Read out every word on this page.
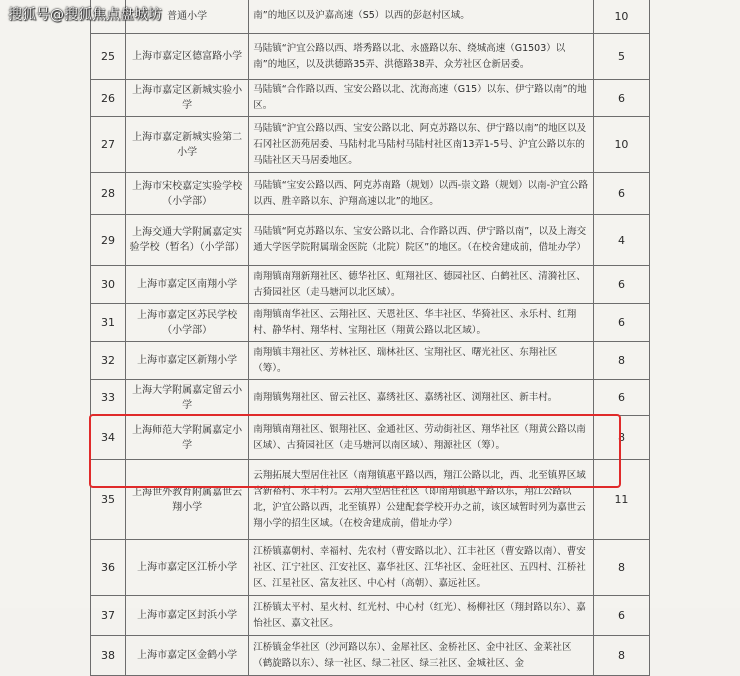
搜狐号@搜狐焦点盘城坊
	普通小学	南”的地区以及沪嘉高速（S5）以西的彭赵村区域。	10
25	上海市嘉定区德富路小学	马陆镇“沪宜公路以西、塔秀路以北、永盛路以东、绕城高速（G1503）以南”的地区，以及洪德路35弄、洪德路38弄、众芳社区仓新居委。	5
26	上海市嘉定区新城实验小学	马陆镇“合作路以西、宝安公路以北、沈海高速（G15）以东、伊宁路以南”的地区。	6
27	上海市嘉定新城实验第二小学	马陆镇“沪宜公路以西、宝安公路以北、阿克苏路以东、伊宁路以南”的地区以及石冈社区沥苑居委、马陆村北马陆村马陆村社区南13弄1-5号、沪宜公路以东的马陆社区天马居委地区。	10
28	上海市宋校嘉定实验学校（小学部）	马陆镇“宝安公路以西、阿克苏南路（规划）以西-崇文路（规划）以南-沪宜公路以西、胜辛路以东、沪翔高速以北”的地区。	6
29	上海交通大学附属嘉定实验学校（暂名）（小学部）	马陆镇“阿克苏路以东、宝安公路以北、合作路以西、伊宁路以南”，以及上海交通大学医学院附属瑞金医院（北院）院区”的地区。（在校舍建成前，借址办学）	4
30	上海市嘉定区南翔小学	南翔镇南翔新翔社区、德华社区、虹翔社区、德园社区、白鹤社区、清漪社区、古猗园社区（走马塘河以北区域）。	6
31	上海市嘉定区苏民学校（小学部）	南翔镇南华社区、云翔社区、天恩社区、华丰社区、华猗社区、永乐村、红翔村、静华村、翔华村、宝翔社区（翔黄公路以北区域）。	6
32	上海市嘉定区新翔小学	南翔镇丰翔社区、芳林社区、瑞林社区、宝翔社区、曙光社区、东翔社区（筹）。	8
33	上海大学附属嘉定留云小学	南翔镇隽翔社区、留云社区、嘉绣社区、嘉绣社区、浏翔社区、新丰村。	6
34	上海师范大学附属嘉定小学	南翔镇南翔社区、银翔社区、金通社区、劳动街社区、翔华社区（翔黄公路以南区域）、古猗园社区（走马塘河以南区域）、翔源社区（筹）。	8
35	上海世外教育附属嘉世云翔小学	云翔拓展大型居住社区（南翔镇惠平路以西，翔江公路以北，西、北至镇界区域含新裕村、永丰村）。云翔大型居住社区（即南翔镇惠平路以东，翔江公路以北，沪宜公路以西，北至镇界）公建配套学校开办之前，该区域暂时列为嘉世云翔小学的招生区域。（在校舍建成前，借址办学）	11
36	上海市嘉定区江桥小学	江桥镇嘉朝村、幸福村、先农村（曹安路以北）、江丰社区（曹安路以南）、曹安社区、江宁社区、江安社区、嘉华社区、江华社区、金旺社区、五四村、江桥社区、江星社区、富友社区、中心村（高朝）、嘉远社区。	8
37	上海市嘉定区封浜小学	江桥镇太平村、星火村、红光村、中心村（红光）、杨柳社区（翔封路以东）、嘉怡社区、嘉文社区。	6
38	上海市嘉定区金鹤小学	江桥镇金华社区（沙河路以东）、金犀社区、金桥社区、金中社区、金莱社区（鹤旋路以东）、绿一社区、绿二社区、绿三社区、金城社区、金	8
